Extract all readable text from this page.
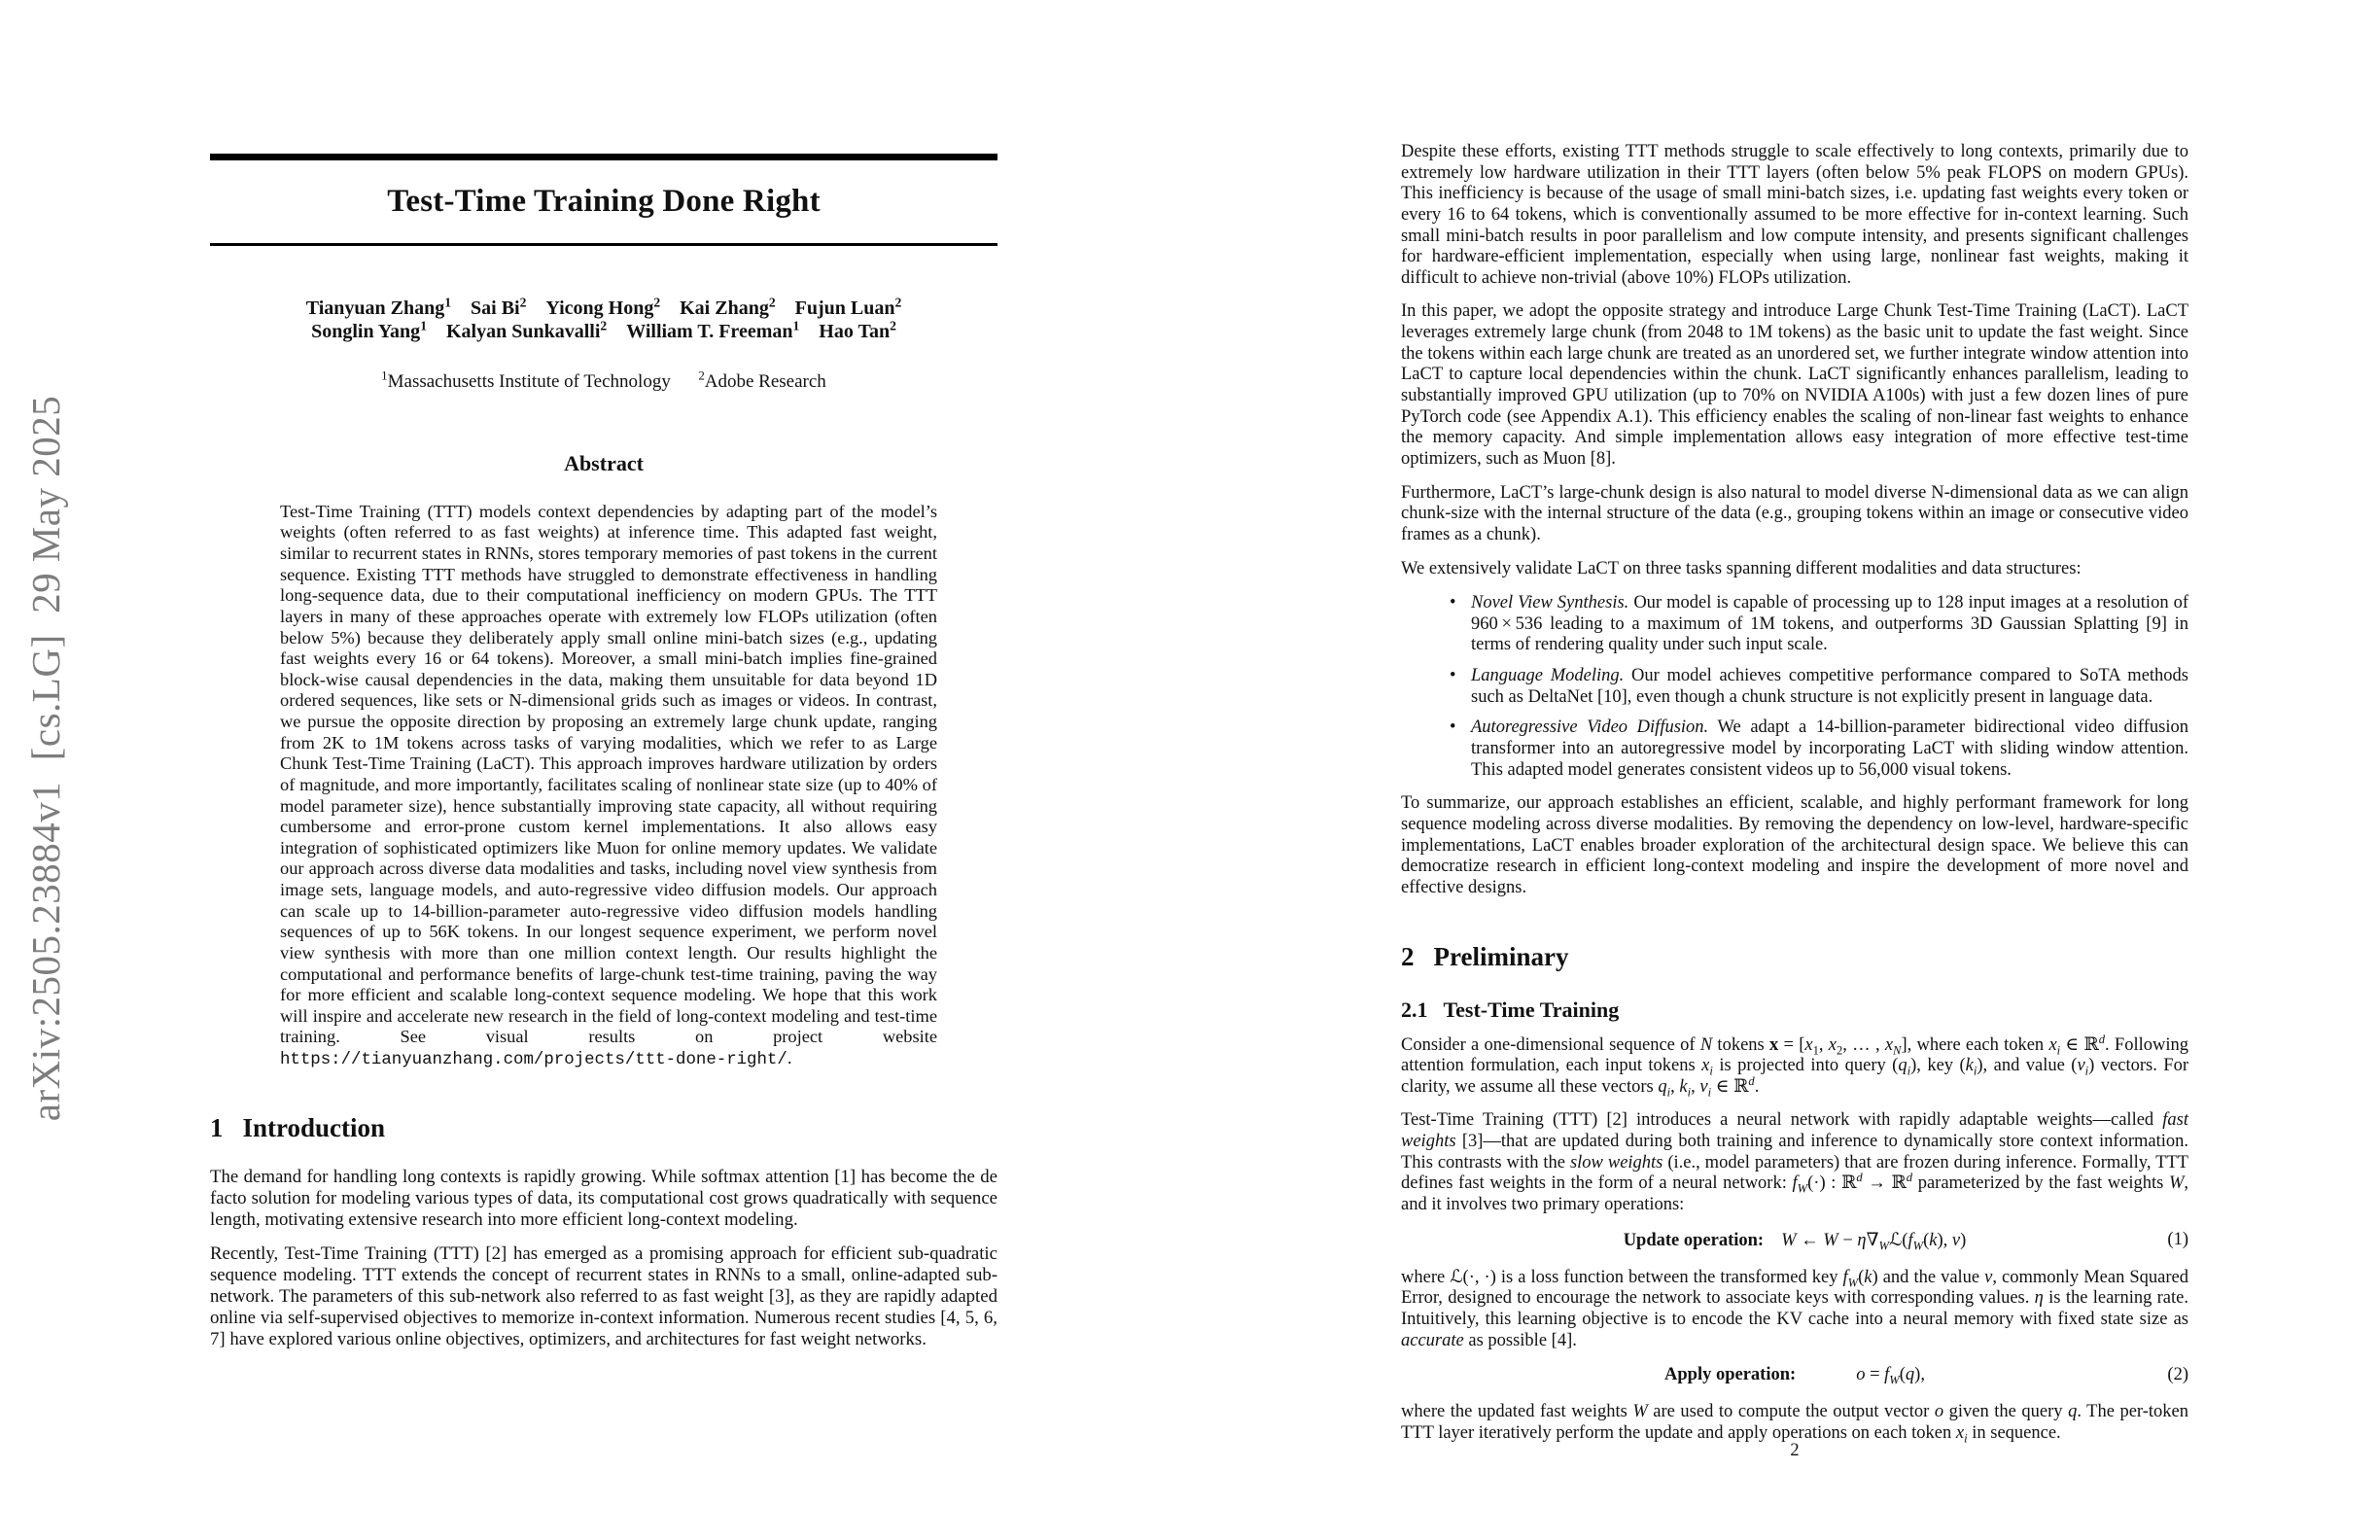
arXiv:2505.23884v1  [cs.LG]  29 May 2025
Test-Time Training Done Right
Tianyuan Zhang$^1$    Sai Bi$^2$    Yicong Hong$^2$    Kai Zhang$^2$    Fujun Luan$^2$
Songlin Yang$^1$    Kalyan Sunkavalli$^2$    William T. Freeman$^1$    Hao Tan$^2$
$^1$Massachusetts Institute of Technology      $^2$Adobe Research
Abstract
Test-Time Training (TTT) models context dependencies by adapting part of the model’s weights (often referred to as fast weights) at inference time. This adapted fast weight, similar to recurrent states in RNNs, stores temporary memories of past tokens in the current sequence. Existing TTT methods have struggled to demonstrate effectiveness in handling long-sequence data, due to their computational inefficiency on modern GPUs. The TTT layers in many of these approaches operate with extremely low FLOPs utilization (often below 5%) because they deliberately apply small online mini-batch sizes (e.g., updating fast weights every 16 or 64 tokens). Moreover, a small mini-batch implies fine-grained block-wise causal dependencies in the data, making them unsuitable for data beyond 1D ordered sequences, like sets or N-dimensional grids such as images or videos. In contrast, we pursue the opposite direction by proposing an extremely large chunk update, ranging from 2K to 1M tokens across tasks of varying modalities, which we refer to as Large Chunk Test-Time Training (LaCT). This approach improves hardware utilization by orders of magnitude, and more importantly, facilitates scaling of nonlinear state size (up to 40% of model parameter size), hence substantially improving state capacity, all without requiring cumbersome and error-prone custom kernel implementations. It also allows easy integration of sophisticated optimizers like Muon for online memory updates. We validate our approach across diverse data modalities and tasks, including novel view synthesis from image sets, language models, and auto-regressive video diffusion models. Our approach can scale up to 14-billion-parameter auto-regressive video diffusion models handling sequences of up to 56K tokens. In our longest sequence experiment, we perform novel view synthesis with more than one million context length. Our results highlight the computational and performance benefits of large-chunk test-time training, paving the way for more efficient and scalable long-context sequence modeling. We hope that this work will inspire and accelerate new research in the field of long-context modeling and test-time training. See visual results on project website https://tianyuanzhang.com/projects/ttt-done-right/.
1 Introduction
The demand for handling long contexts is rapidly growing. While softmax attention [1] has become the de facto solution for modeling various types of data, its computational cost grows quadratically with sequence length, motivating extensive research into more efficient long-context modeling.
Recently, Test-Time Training (TTT) [2] has emerged as a promising approach for efficient sub-quadratic sequence modeling. TTT extends the concept of recurrent states in RNNs to a small, online-adapted sub-network. The parameters of this sub-network also referred to as fast weight [3], as they are rapidly adapted online via self-supervised objectives to memorize in-context information. Numerous recent studies [4, 5, 6, 7] have explored various online objectives, optimizers, and architectures for fast weight networks.
Despite these efforts, existing TTT methods struggle to scale effectively to long contexts, primarily due to extremely low hardware utilization in their TTT layers (often below 5% peak FLOPS on modern GPUs). This inefficiency is because of the usage of small mini-batch sizes, i.e. updating fast weights every token or every 16 to 64 tokens, which is conventionally assumed to be more effective for in-context learning. Such small mini-batch results in poor parallelism and low compute intensity, and presents significant challenges for hardware-efficient implementation, especially when using large, nonlinear fast weights, making it difficult to achieve non-trivial (above 10%) FLOPs utilization.
In this paper, we adopt the opposite strategy and introduce Large Chunk Test-Time Training (LaCT). LaCT leverages extremely large chunk (from 2048 to 1M tokens) as the basic unit to update the fast weight. Since the tokens within each large chunk are treated as an unordered set, we further integrate window attention into LaCT to capture local dependencies within the chunk. LaCT significantly enhances parallelism, leading to substantially improved GPU utilization (up to 70% on NVIDIA A100s) with just a few dozen lines of pure PyTorch code (see Appendix A.1). This efficiency enables the scaling of non-linear fast weights to enhance the memory capacity. And simple implementation allows easy integration of more effective test-time optimizers, such as Muon [8].
Furthermore, LaCT’s large-chunk design is also natural to model diverse N-dimensional data as we can align chunk-size with the internal structure of the data (e.g., grouping tokens within an image or consecutive video frames as a chunk).
We extensively validate LaCT on three tasks spanning different modalities and data structures:
• Novel View Synthesis. Our model is capable of processing up to 128 input images at a resolution of 960 × 536 leading to a maximum of 1M tokens, and outperforms 3D Gaussian Splatting [9] in terms of rendering quality under such input scale.
• Language Modeling. Our model achieves competitive performance compared to SoTA methods such as DeltaNet [10], even though a chunk structure is not explicitly present in language data.
• Autoregressive Video Diffusion. We adapt a 14-billion-parameter bidirectional video diffusion transformer into an autoregressive model by incorporating LaCT with sliding window attention. This adapted model generates consistent videos up to 56,000 visual tokens.
To summarize, our approach establishes an efficient, scalable, and highly performant framework for long sequence modeling across diverse modalities. By removing the dependency on low-level, hardware-specific implementations, LaCT enables broader exploration of the architectural design space. We believe this can democratize research in efficient long-context modeling and inspire the development of more novel and effective designs.
2 Preliminary
2.1 Test-Time Training
Consider a one-dimensional sequence of N tokens $x = [x_1$, $x_2$, … , $x_N$], where each token $x_i$ ∈ ℝ$^d$. Following attention formulation, each input tokens $x_i$ is projected into query $(q_i)$, key $(k_i)$, and value $(v_i)$ vectors. For clarity, we assume all these vectors $q_i$, $k_i$, $v_i$ ∈ ℝ$^d$.
Test-Time Training (TTT) [2] introduces a neural network with rapidly adaptable weights—called fast weights [3]—that are updated during both training and inference to dynamically store context information. This contrasts with the slow weights (i.e., model parameters) that are frozen during inference. Formally, TTT defines fast weights in the form of a neural network: $f_W(\cdot)$ : ℝ$^d$ → ℝ$^d$ parameterized by the fast weights W, and it involves two primary operations:
Update operation: W ← $W - \eta\nabla_Wℒ(f_W(k)$, v)	(1)
where ℒ(·, ·) is a loss function between the transformed key $f_W(k)$ and the value v, commonly Mean Squared Error, designed to encourage the network to associate keys with corresponding values. η is the learning rate. Intuitively, this learning objective is to encode the KV cache into a neural memory with fixed state size as accurate as possible [4].
Apply operation:	$o = f_W(q)$,	(2)
where the updated fast weights W are used to compute the output vector o given the query q. The per-token TTT layer iteratively perform the update and apply operations on each token $x_i$ in sequence.
2
